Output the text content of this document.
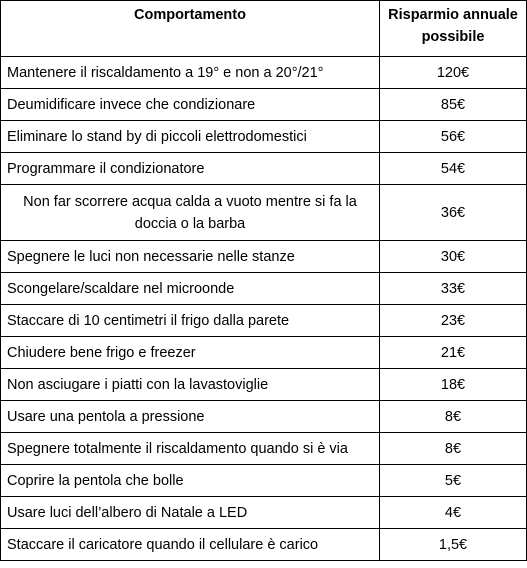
Comportamento	Risparmio annuale possibile
Mantenere il riscaldamento a 19° e non a 20°/21°	120€
Deumidificare invece che condizionare	85€
Eliminare lo stand by di piccoli elettrodomestici	56€
Programmare il condizionatore	54€
Non far scorrere acqua calda a vuoto mentre si fa la doccia o la barba	36€
Spegnere le luci non necessarie nelle stanze	30€
Scongelare/scaldare nel microonde	33€
Staccare di 10 centimetri il frigo dalla parete	23€
Chiudere bene frigo e freezer	21€
Non asciugare i piatti con la lavastoviglie	18€
Usare una pentola a pressione	8€
Spegnere totalmente il riscaldamento quando si è via	8€
Coprire la pentola che bolle	5€
Usare luci dell’albero di Natale a LED	4€
Staccare il caricatore quando il cellulare è carico	1,5€
